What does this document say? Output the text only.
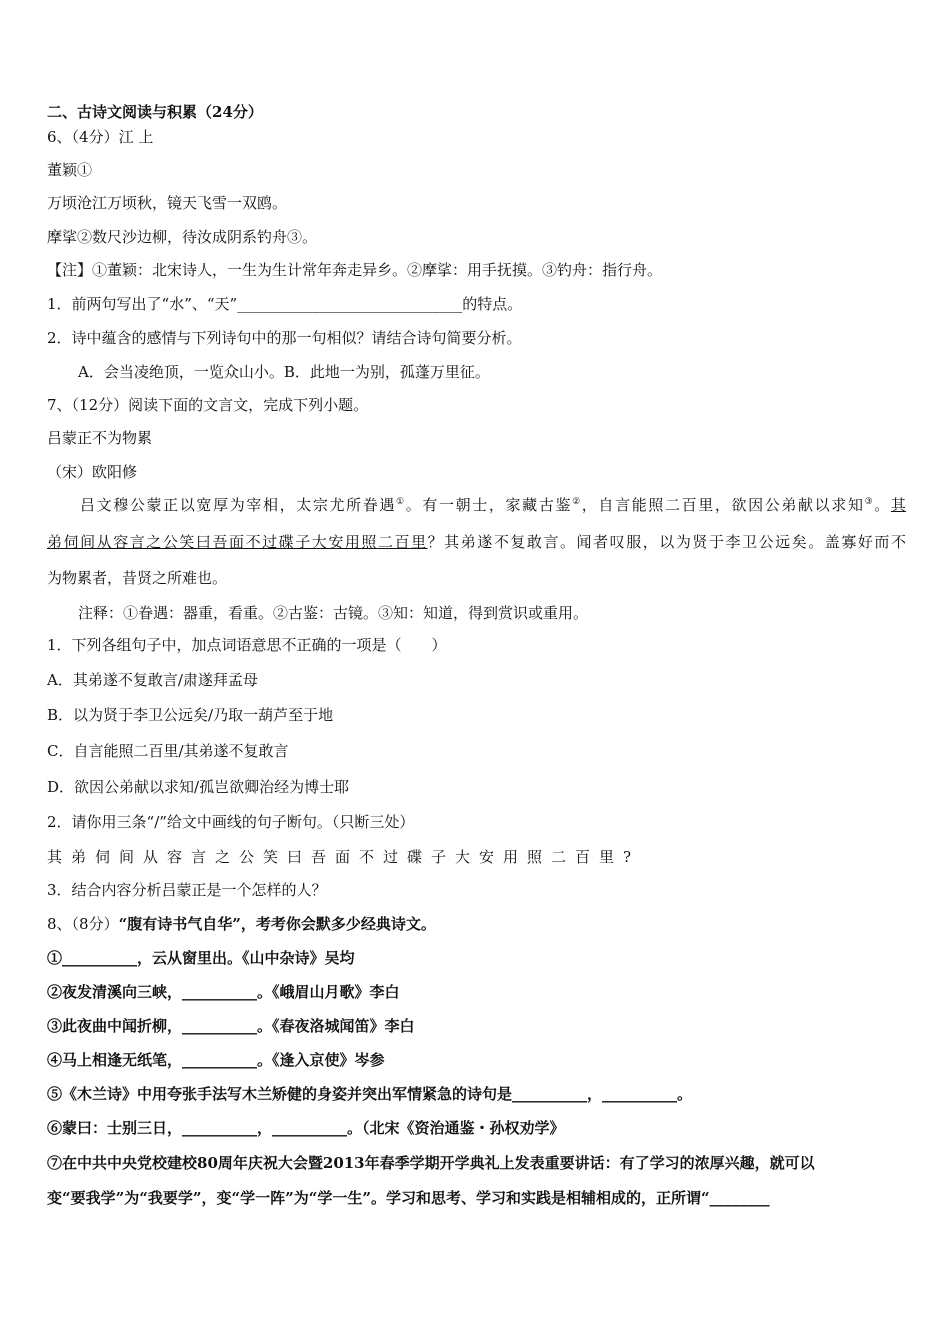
二、古诗文阅读与积累（24分）
6、（4分）江 上
董颖①
万顷沧江万顷秋，镜天飞雪一双鸥。
摩挲②数尺沙边柳，待汝成阴系钓舟③。
【注】①董颖：北宋诗人，一生为生计常年奔走异乡。②摩挲：用手抚摸。③钓舟：指行舟。
1．前两句写出了“水”、“天”______________________________的特点。
2．诗中蕴含的感情与下列诗句中的那一句相似？请结合诗句简要分析。
A．会当凌绝顶，一览众山小。B．此地一为别，孤蓬万里征。
7、（12分）阅读下面的文言文，完成下列小题。
吕蒙正不为物累
（宋）欧阳修
吕文穆公蒙正以宽厚为宰相，太宗尤所眷遇①。有一朝士，家藏古鉴②，自言能照二百里，欲因公弟献以求知③。其
弟伺间从容言之公笑曰吾面不过碟子大安用照二百里？其弟遂不复敢言。闻者叹服，以为贤于李卫公远矣。盖寡好而不
为物累者，昔贤之所难也。
注释：①眷遇：器重，看重。②古鉴：古镜。③知：知道，得到赏识或重用。
1．下列各组句子中，加点词语意思不正确的一项是（　　）
A．其弟遂不复敢言/肃遂拜孟母
B．以为贤于李卫公远矣/乃取一葫芦至于地
C．自言能照二百里/其弟遂不复敢言
D．欲因公弟献以求知/孤岂欲卿治经为博士耶
2．请你用三条“/”给文中画线的句子断句。（只断三处）
其弟伺间从容言之公笑曰吾面不过碟子大安用照二百里?
3．结合内容分析吕蒙正是一个怎样的人？
8、（8分）“腹有诗书气自华”，考考你会默多少经典诗文。
①__________，云从窗里出。《山中杂诗》吴均
②夜发清溪向三峡，__________。《峨眉山月歌》李白
③此夜曲中闻折柳，__________。《春夜洛城闻笛》李白
④马上相逢无纸笔，__________。《逢入京使》岑参
⑤《木兰诗》中用夸张手法写木兰矫健的身姿并突出军情紧急的诗句是__________，__________。
⑥蒙曰：士别三日，__________，__________。（北宋《资治通鉴・孙权劝学》
⑦在中共中央党校建校80周年庆祝大会暨2013年春季学期开学典礼上发表重要讲话：有了学习的浓厚兴趣，就可以
变“要我学”为“我要学”，变“学一阵”为“学一生”。学习和思考、学习和实践是相辅相成的，正所谓“________
